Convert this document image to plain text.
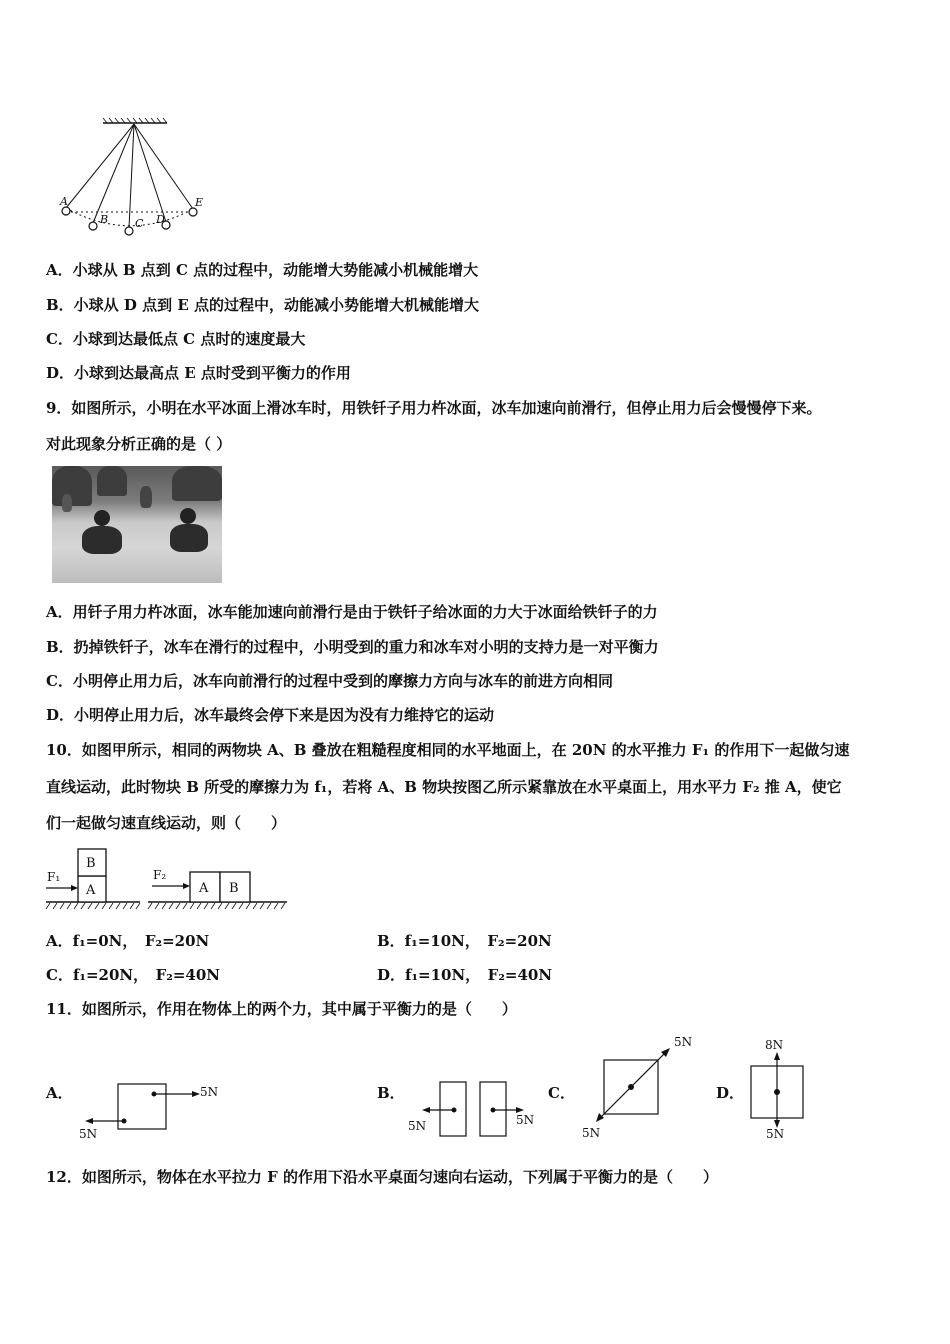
A
B C D
E
A．小球从 B 点到 C 点的过程中，动能增大势能减小机械能增大
B．小球从 D 点到 E 点的过程中，动能减小势能增大机械能增大
C．小球到达最低点 C 点时的速度最大
D．小球到达最高点 E 点时受到平衡力的作用
9．如图所示，小明在水平冰面上滑冰车时，用铁钎子用力杵冰面，冰车加速向前滑行，但停止用力后会慢慢停下来。
对此现象分析正确的是（ ）
A．用钎子用力杵冰面，冰车能加速向前滑行是由于铁钎子给冰面的力大于冰面给铁钎子的力
B．扔掉铁钎子，冰车在滑行的过程中，小明受到的重力和冰车对小明的支持力是一对平衡力
C．小明停止用力后，冰车向前滑行的过程中受到的摩擦力方向与冰车的前进方向相同
D．小明停止用力后，冰车最终会停下来是因为没有力维持它的运动
10．如图甲所示，相同的两物块 A、B 叠放在粗糙程度相同的水平地面上，在 20N 的水平推力 F₁ 的作用下一起做匀速
直线运动，此时物块 B 所受的摩擦力为 f₁，若将 A、B 物块按图乙所示紧靠放在水平桌面上，用水平力 F₂ 推 A，使它
们一起做匀速直线运动，则（　　）
F₁
A
B
F₂
A B
A．f₁=0N，　F₂=20N	B．f₁=10N，　F₂=20N
C．f₁=20N，　F₂=40N	D．f₁=10N，　F₂=40N
11．如图所示，作用在物体上的两个力，其中属于平衡力的是（　　）
A．	5N
5N
B．
5N	5N
C．
5N
5N
D．
8N
5N
12．如图所示，物体在水平拉力 F 的作用下沿水平桌面匀速向右运动，下列属于平衡力的是（　　）
